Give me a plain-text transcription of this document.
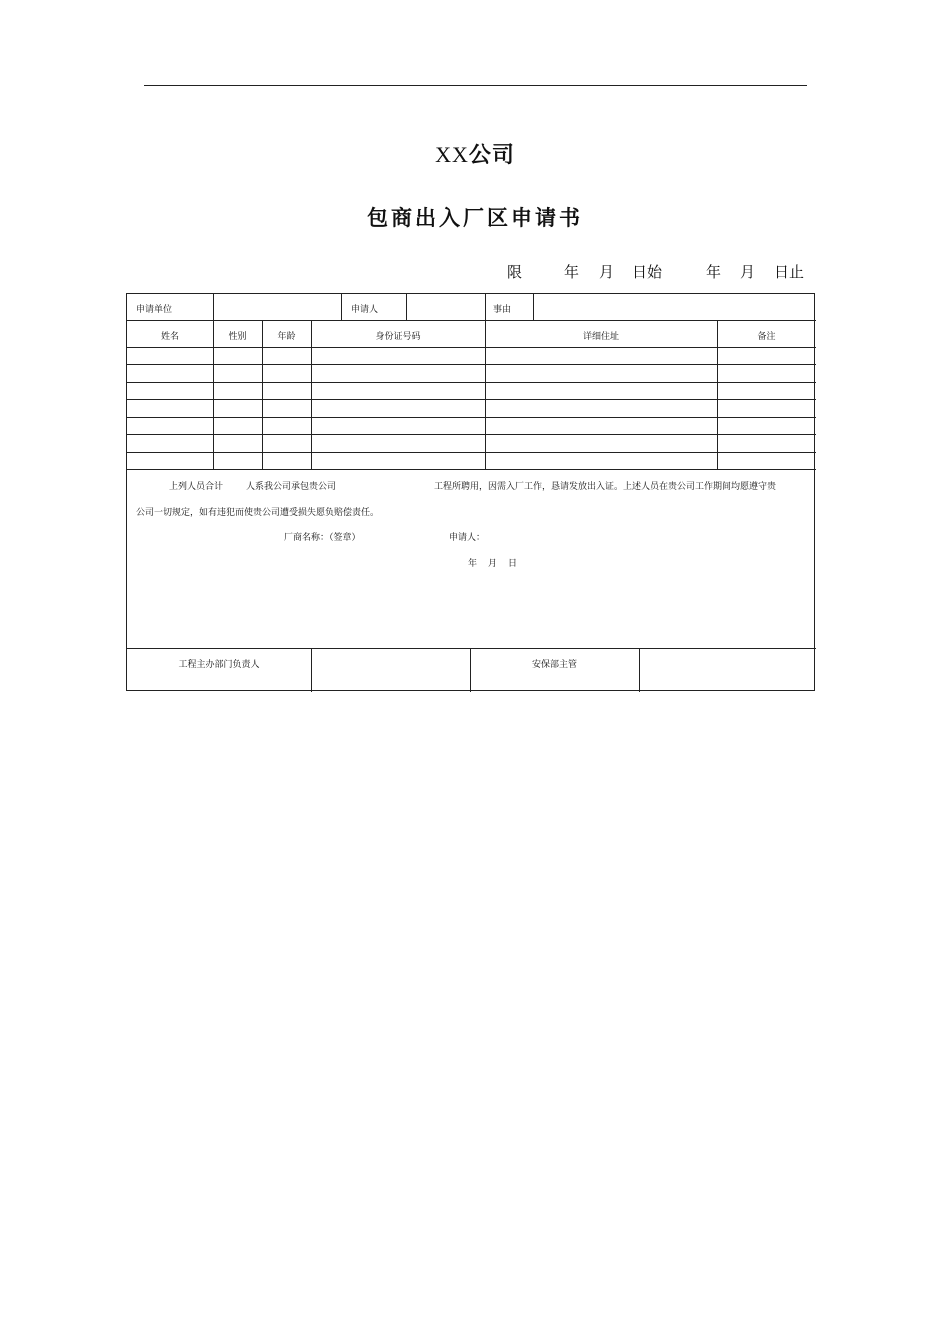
XX公司
包商出入厂区申请书
限	年 月 日始	年 月 日止
申请单位	申请人	事由
姓名	性别	年龄	身份证号码	详细住址	备注
上列人员合计	人系我公司承包贵公司	工程所聘用，因需入厂工作，恳请发放出入证。上述人员在贵公司工作期间均愿遵守贵
公司一切规定，如有违犯而使贵公司遭受损失愿负赔偿责任。
厂商名称：（签章）	申请人：
年 月 日
工程主办部门负责人	安保部主管
